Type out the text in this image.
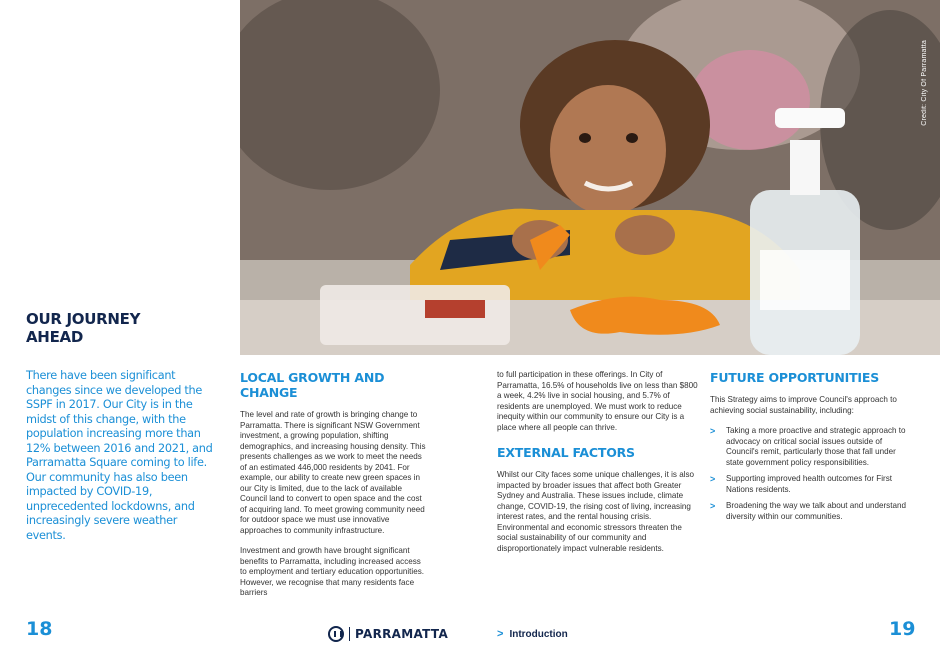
Credit: City Of Parramatta
OUR JOURNEY
AHEAD

There have been significant changes since we developed the SSPF in 2017. Our City is in the midst of this change, with the population increasing more than 12% between 2016 and 2021, and Parramatta Square coming to life. Our community has also been impacted by COVID-19, unprecedented lockdowns, and increasingly severe weather events.

LOCAL GROWTH AND CHANGE

The level and rate of growth is bringing change to Parramatta. There is significant NSW Government investment, a growing population, shifting demographics, and increasing housing density. This presents challenges as we work to meet the needs of an estimated 446,000 residents by 2041. For example, our ability to create new green spaces in our City is limited, due to the lack of available Council land to convert to open space and the cost of acquiring land. To meet growing community need for outdoor space we must use innovative approaches to community infrastructure.

Investment and growth have brought significant benefits to Parramatta, including increased access to employment and tertiary education opportunities. However, we recognise that many residents face barriers

to full participation in these offerings. In City of Parramatta, 16.5% of households live on less than $800 a week, 4.2% live in social housing, and 5.7% of residents are unemployed. We must work to reduce inequity within our community to ensure our City is a place where all people can thrive.

EXTERNAL FACTORS

Whilst our City faces some unique challenges, it is also impacted by broader issues that affect both Greater Sydney and Australia. These issues include, climate change, COVID-19, the rising cost of living, increasing interest rates, and the rental housing crisis. Environmental and economic stressors threaten the social sustainability of our community and disproportionately impact vulnerable residents.

FUTURE OPPORTUNITIES

This Strategy aims to improve Council's approach to achieving social sustainability, including:

> Taking a more proactive and strategic approach to advocacy on critical social issues outside of Council's remit, particularly those that fall under state government policy responsibilities.
> Supporting improved health outcomes for First Nations residents.
> Broadening the way we talk about and understand diversity within our communities.
18	PARRAMATTA	> Introduction	19
